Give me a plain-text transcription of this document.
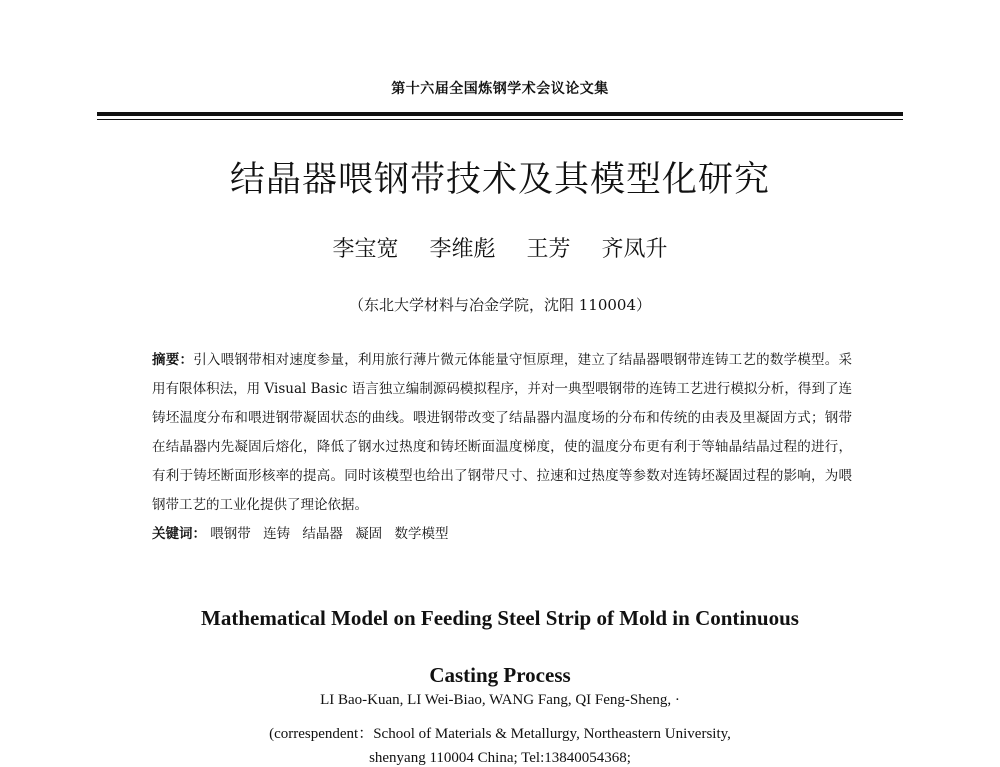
第十六届全国炼钢学术会议论文集
结晶器喂钢带技术及其模型化研究
李宝宽 李维彪 王芳 齐凤升
（东北大学材料与冶金学院，沈阳 110004）
摘要：引入喂钢带相对速度参量，利用旅行薄片微元体能量守恒原理，建立了结晶器喂钢带连铸工艺的数学模型。采用有限体积法，用 Visual Basic 语言独立编制源码模拟程序，并对一典型喂钢带的连铸工艺进行模拟分析，得到了连铸坯温度分布和喂进钢带凝固状态的曲线。喂进钢带改变了结晶器内温度场的分布和传统的由表及里凝固方式；钢带在结晶器内先凝固后熔化，降低了钢水过热度和铸坯断面温度梯度，使的温度分布更有利于等轴晶结晶过程的进行，有利于铸坯断面形核率的提高。同时该模型也给出了钢带尺寸、拉速和过热度等参数对连铸坯凝固过程的影响，为喂钢带工艺的工业化提供了理论依据。
关键词： 喂钢带 连铸 结晶器 凝固 数学模型
Mathematical Model on Feeding Steel Strip of Mold in Continuous
Casting Process
LI Bao-Kuan, LI Wei-Biao, WANG Fang, QI Feng-Sheng, ·
(correspendent：School of Materials & Metallurgy, Northeastern University,
shenyang 110004 China; Tel:13840054368;
